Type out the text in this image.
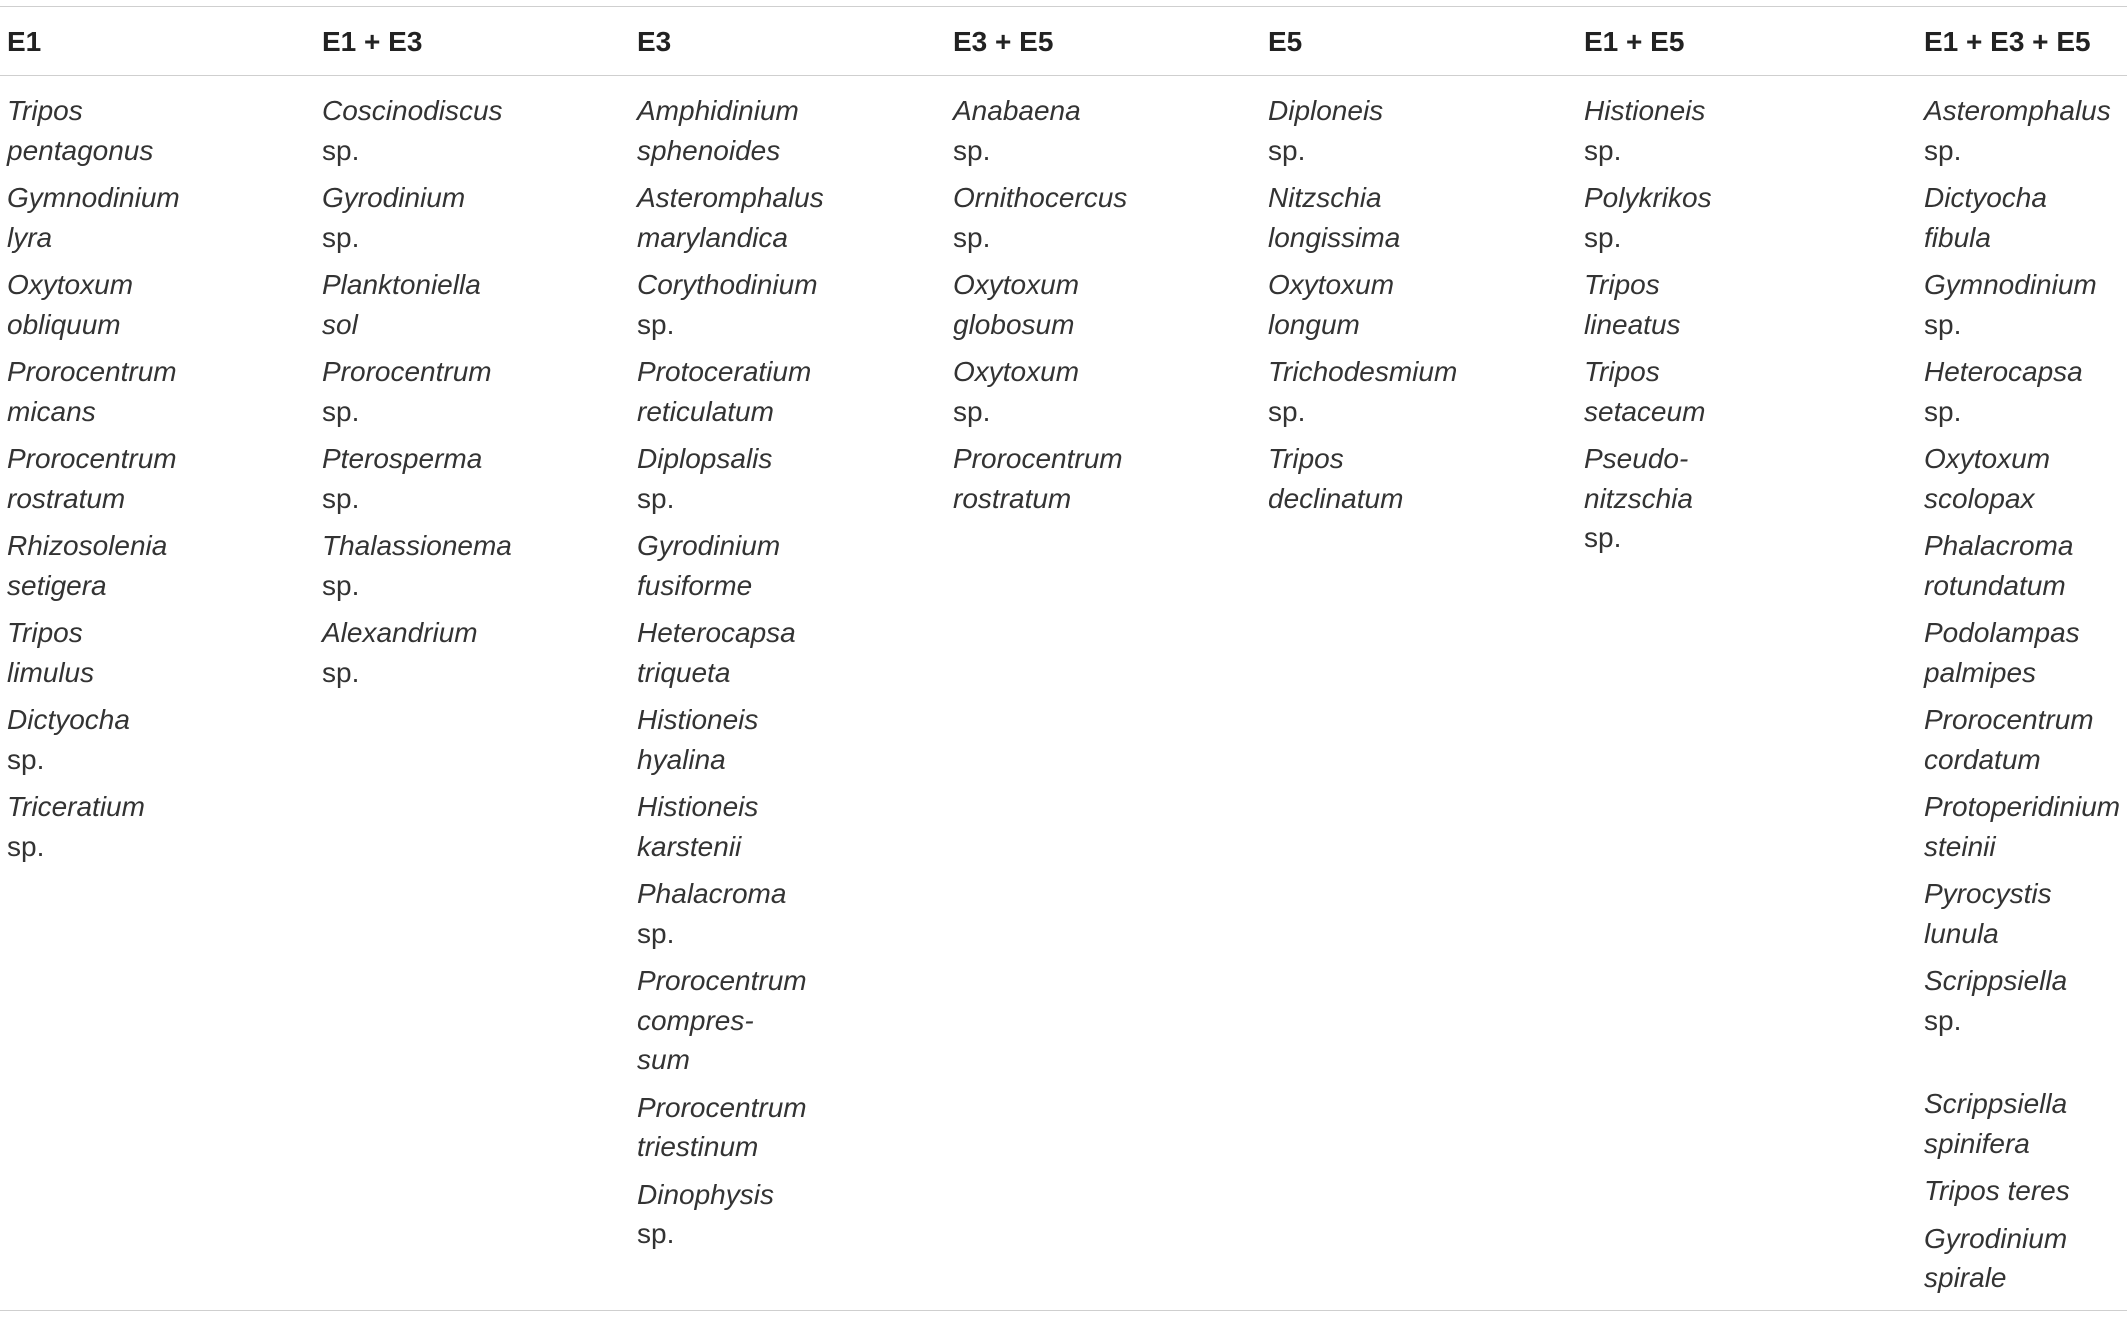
E1
Tripos
pentagonus
Gymnodinium
lyra
Oxytoxum
obliquum
Prorocentrum
micans
Prorocentrum
rostratum
Rhizosolenia
setigera
Tripos
limulus
Dictyocha
sp.
Triceratium
sp.
E1 + E3
Coscinodiscus
sp.
Gyrodinium
sp.
Planktoniella
sol
Prorocentrum
sp.
Pterosperma
sp.
Thalassionema
sp.
Alexandrium
sp.
E3
Amphidinium
sphenoides
Asteromphalus
marylandica
Corythodinium
sp.
Protoceratium
reticulatum
Diplopsalis
sp.
Gyrodinium
fusiforme
Heterocapsa
triqueta
Histioneis
hyalina
Histioneis
karstenii
Phalacroma
sp.
Prorocentrum
compres-
sum
Prorocentrum
triestinum
Dinophysis
sp.
E3 + E5
Anabaena
sp.
Ornithocercus
sp.
Oxytoxum
globosum
Oxytoxum
sp.
Prorocentrum
rostratum
E5
Diploneis
sp.
Nitzschia
longissima
Oxytoxum
longum
Trichodesmium
sp.
Tripos
declinatum
E1 + E5
Histioneis
sp.
Polykrikos
sp.
Tripos
lineatus
Tripos
setaceum
Pseudo-
nitzschia
sp.
E1 + E3 + E5
Asteromphalus
sp.
Dictyocha
fibula
Gymnodinium
sp.
Heterocapsa
sp.
Oxytoxum
scolopax
Phalacroma
rotundatum
Podolampas
palmipes
Prorocentrum
cordatum
Protoperidinium
steinii
Pyrocystis
lunula
Scrippsiella
sp.
Scrippsiella
spinifera
Tripos teres
Gyrodinium
spirale
